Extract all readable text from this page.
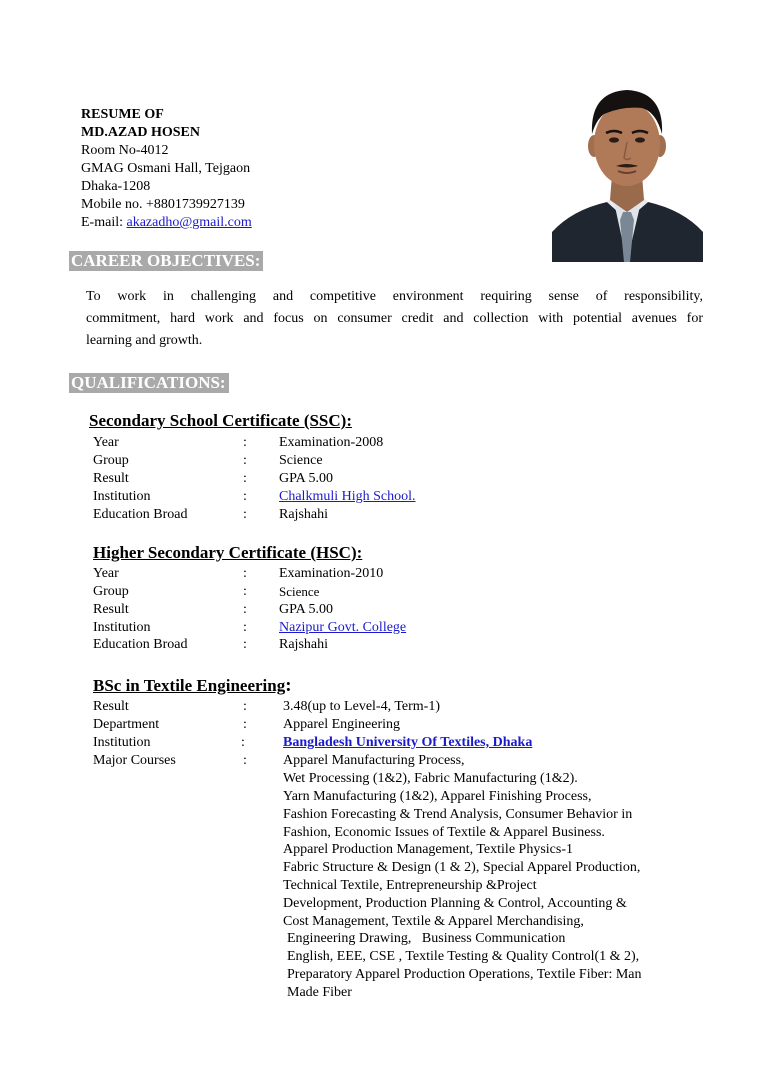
RESUME OF
MD.AZAD HOSEN
Room No-4012
GMAG Osmani Hall, Tejgaon
Dhaka-1208
Mobile no. +8801739927139
E-mail: akazadho@gmail.com
CAREER OBJECTIVES:
To work in challenging and competitive environment requiring sense of responsibility,
commitment, hard work and focus on consumer credit and collection with potential avenues for
learning and growth.
QUALIFICATIONS:
Secondary School Certificate (SSC):
Year	: Examination-2008
Group	: Science
Result	: GPA 5.00
Institution	: Chalkmuli High School.
Education Broad	: Rajshahi
Higher Secondary Certificate (HSC):
Year	: Examination-2010
Group	: Science
Result	: GPA 5.00
Institution	: Nazipur Govt. College
Education Broad	: Rajshahi
BSc in Textile Engineering:
Result	:	3.48(up to Level-4, Term-1)
Department	:	Apparel Engineering
Institution	:	Bangladesh University Of Textiles, Dhaka
Major Courses	:	Apparel Manufacturing Process,
Wet Processing (1&2), Fabric Manufacturing (1&2).
Yarn Manufacturing (1&2), Apparel Finishing Process,
Fashion Forecasting & Trend Analysis, Consumer Behavior in
Fashion, Economic Issues of Textile & Apparel Business.
Apparel Production Management, Textile Physics-1
Fabric Structure & Design (1 & 2), Special Apparel Production,
Technical Textile, Entrepreneurship &Project
Development, Production Planning & Control, Accounting &
Cost Management, Textile & Apparel Merchandising,
Engineering Drawing,   Business Communication
English, EEE, CSE , Textile Testing & Quality Control(1 & 2),
Preparatory Apparel Production Operations, Textile Fiber: Man
Made Fiber
